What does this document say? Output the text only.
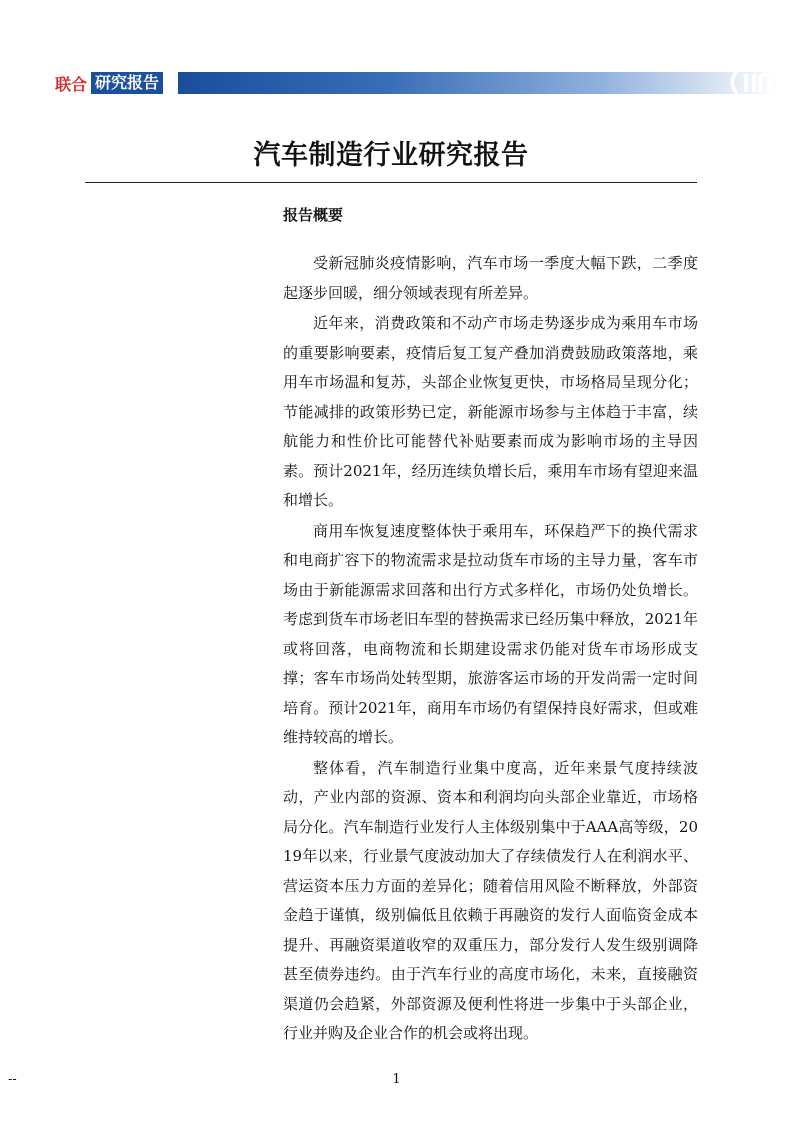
联合 研究报告
汽车制造行业研究报告
报告概要

受新冠肺炎疫情影响，汽车市场一季度大幅下跌，二季度起逐步回暖，细分领域表现有所差异。

近年来，消费政策和不动产市场走势逐步成为乘用车市场的重要影响要素，疫情后复工复产叠加消费鼓励政策落地，乘用车市场温和复苏，头部企业恢复更快，市场格局呈现分化；节能减排的政策形势已定，新能源市场参与主体趋于丰富，续航能力和性价比可能替代补贴要素而成为影响市场的主导因素。预计2021年，经历连续负增长后，乘用车市场有望迎来温和增长。

商用车恢复速度整体快于乘用车，环保趋严下的换代需求和电商扩容下的物流需求是拉动货车市场的主导力量，客车市场由于新能源需求回落和出行方式多样化，市场仍处负增长。考虑到货车市场老旧车型的替换需求已经历集中释放，2021年或将回落，电商物流和长期建设需求仍能对货车市场形成支撑；客车市场尚处转型期，旅游客运市场的开发尚需一定时间培育。预计2021年，商用车市场仍有望保持良好需求，但或难维持较高的增长。

整体看，汽车制造行业集中度高，近年来景气度持续波动，产业内部的资源、资本和利润均向头部企业靠近，市场格局分化。汽车制造行业发行人主体级别集中于AAA高等级，2019年以来，行业景气度波动加大了存续债发行人在利润水平、营运资本压力方面的差异化；随着信用风险不断释放，外部资金趋于谨慎，级别偏低且依赖于再融资的发行人面临资金成本提升、再融资渠道收窄的双重压力，部分发行人发生级别调降甚至债券违约。由于汽车行业的高度市场化，未来，直接融资渠道仍会趋紧，外部资源及便利性将进一步集中于头部企业，行业并购及企业合作的机会或将出现。

--	1
